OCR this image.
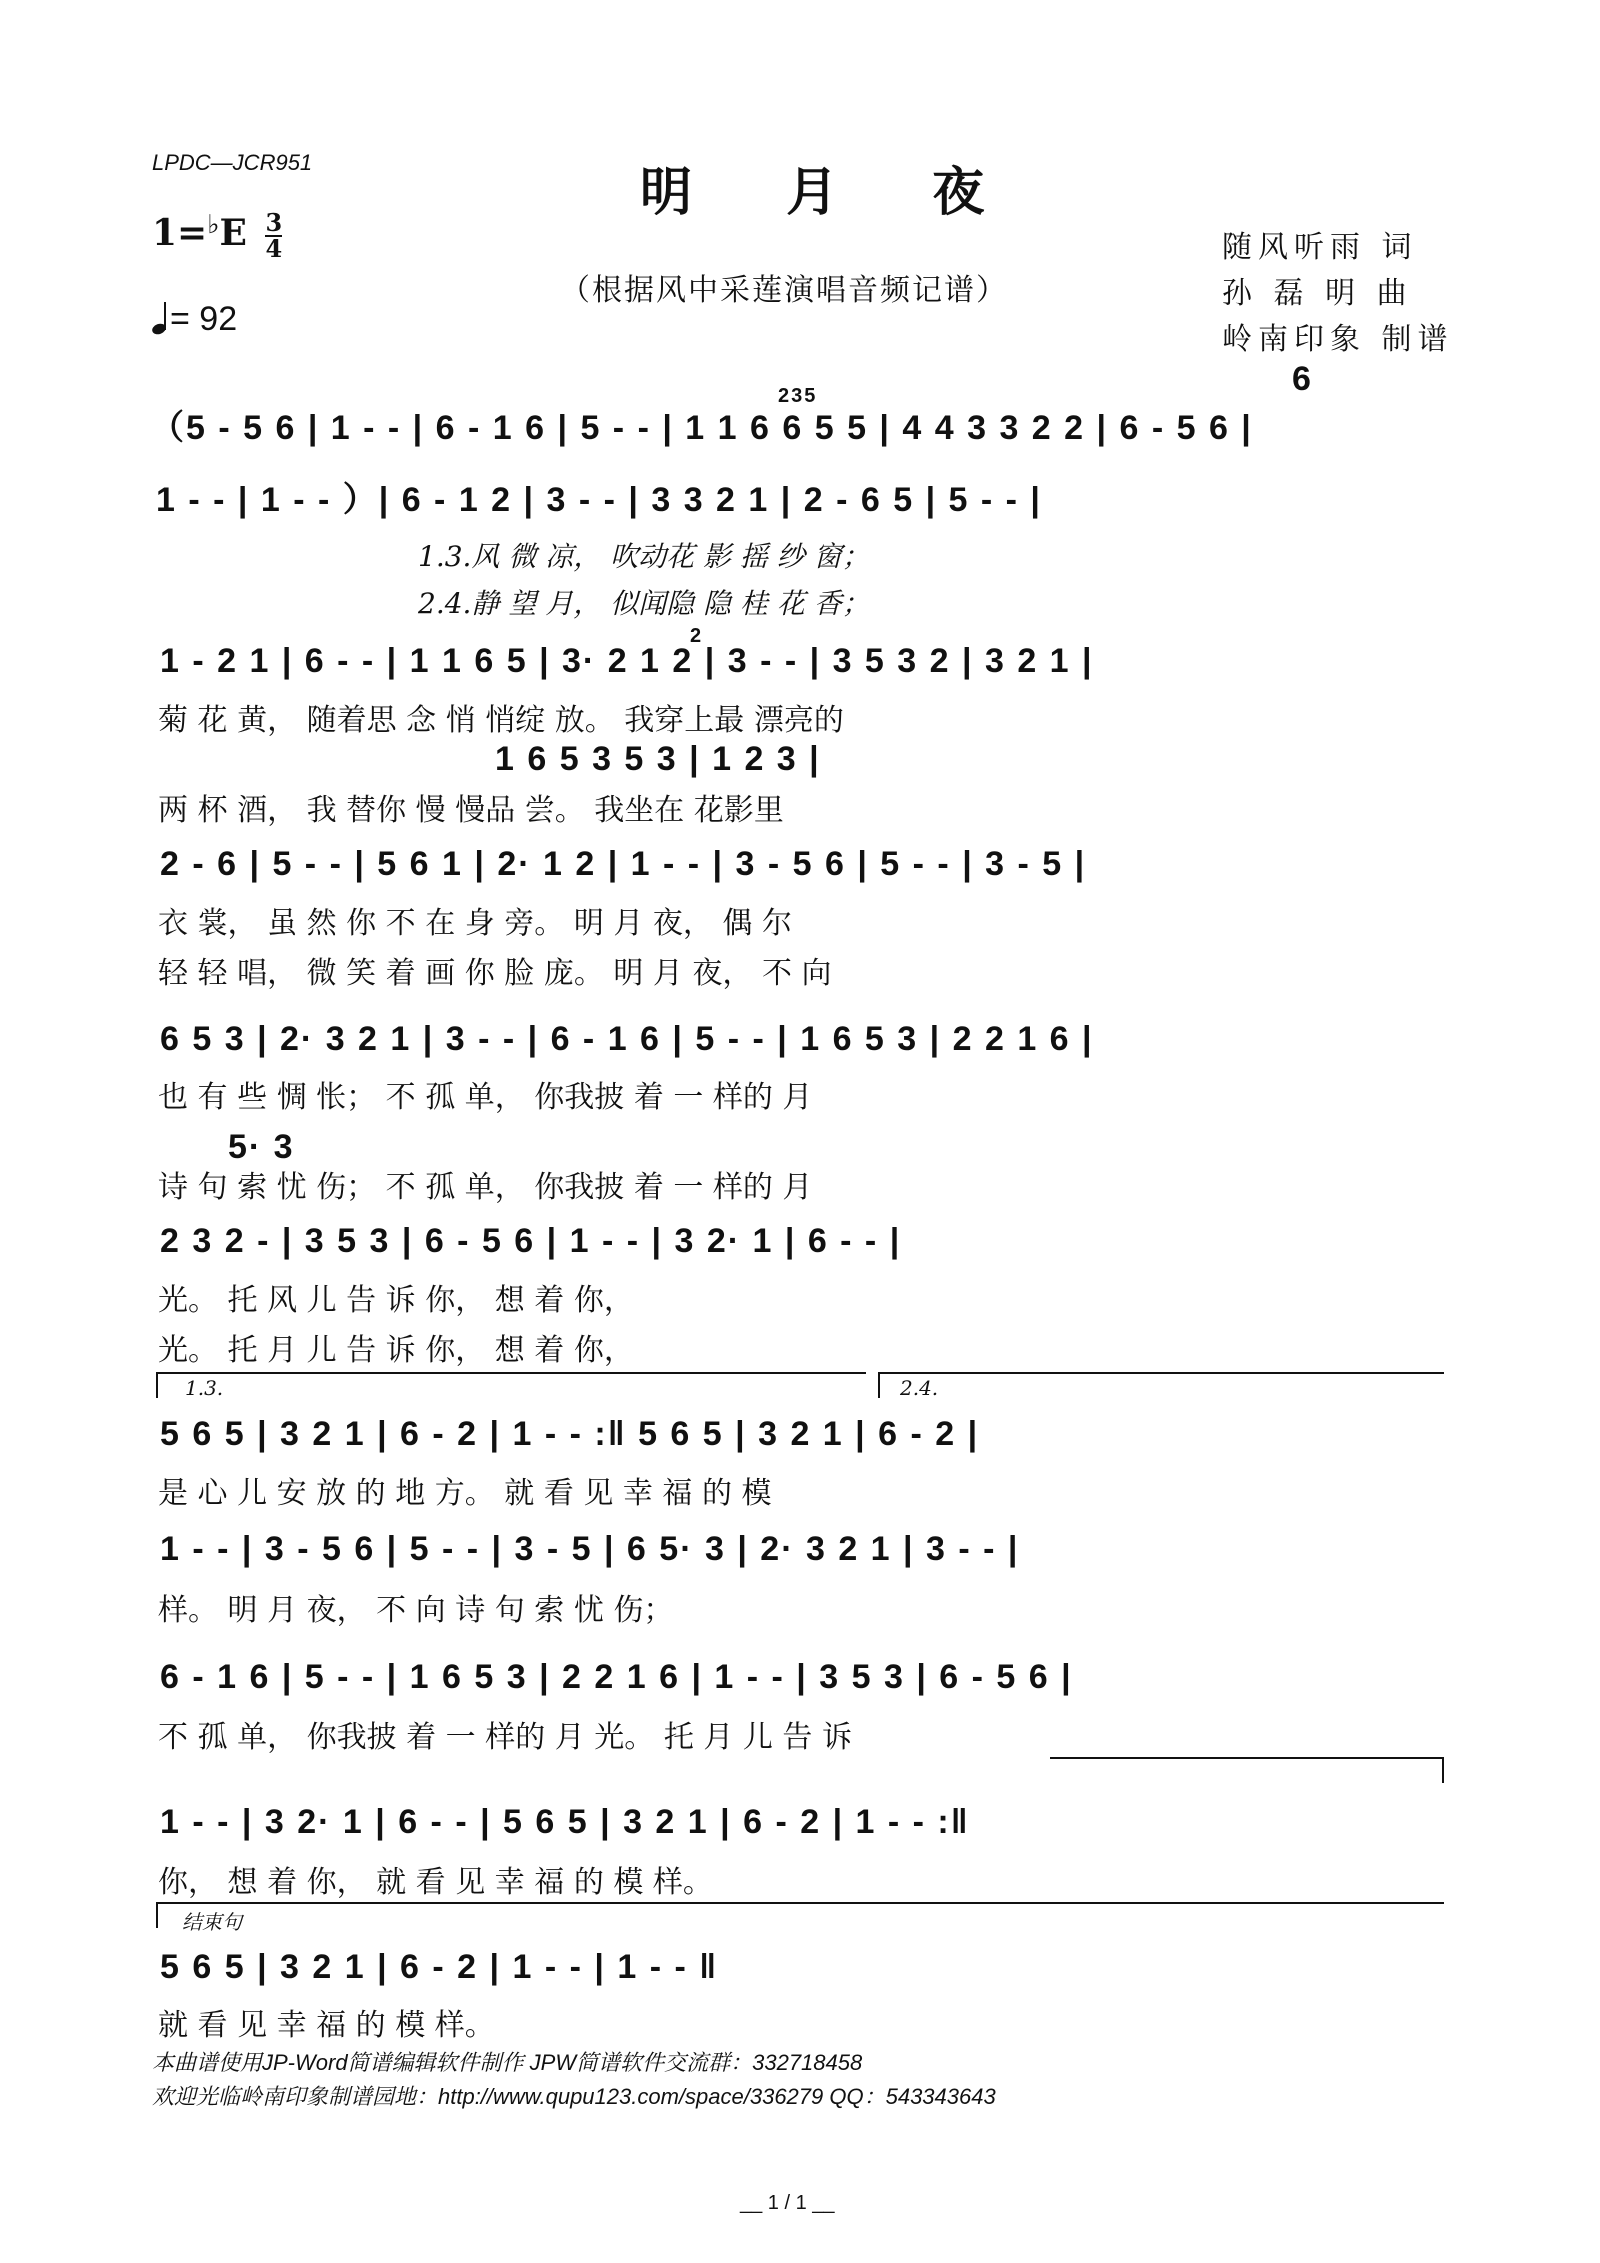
LPDC—JCR951	明 月 夜
$1=^♭E \frac{3}{4}$
= 92
（根据风中采莲演唱音频记谱）
随风听雨 词
孙 磊 明 曲
岭南印象 制谱
235	6
（5 - 5 6 | 1 - - | 6 - 1 6 | 5 - - | 1 1 6 6 5 5 | 4 4 3 3 2 2 | 6 - 5 6 |
1 - - | 1 - - ）| 6 - 1 2 | 3 - - | 3 3 2 1 | 2 - 6 5 | 5 - - |
1.3.风 微 凉， 吹动花 影 摇 纱 窗；
2.4.静 望 月， 似闻隐 隐 桂 花 香；
2
1 - 2 1 | 6 - - | 1 1 6 5 | 3· 2 1 2 | 3 - - | 3 5 3 2 | 3 2 1 |
菊 花 黄， 随着思 念 悄 悄绽 放。 我穿上最 漂亮的
1 6 5 3 5 3 | 1 2 3 |
两 杯 酒， 我 替你 慢 慢品 尝。 我坐在 花影里
2 - 6 | 5 - - | 5 6 1 | 2· 1 2 | 1 - - | 3 - 5 6 | 5 - - | 3 - 5 |
衣 裳， 虽 然 你 不 在 身 旁。 明 月 夜， 偶 尔
轻 轻 唱， 微 笑 着 画 你 脸 庞。 明 月 夜， 不 向
6 5 3 | 2· 3 2 1 | 3 - - | 6 - 1 6 | 5 - - | 1 6 5 3 | 2 2 1 6 |
也 有 些 惆 怅； 不 孤 单， 你我披 着 一 样的 月
5· 3
诗 句 索 忧 伤； 不 孤 单， 你我披 着 一 样的 月
2 3 2 - | 3 5 3 | 6 - 5 6 | 1 - - | 3 2· 1 | 6 - - |
光。 托 风 儿 告 诉 你， 想 着 你，
光。 托 月 儿 告 诉 你， 想 着 你，
1.3.	2.4.
5 6 5 | 3 2 1 | 6 - 2 | 1 - - :‖ 5 6 5 | 3 2 1 | 6 - 2 |
是 心 儿 安 放 的 地 方。 就 看 见 幸 福 的 模
1 - - | 3 - 5 6 | 5 - - | 3 - 5 | 6 5· 3 | 2· 3 2 1 | 3 - - |
样。 明 月 夜， 不 向 诗 句 索 忧 伤；
6 - 1 6 | 5 - - | 1 6 5 3 | 2 2 1 6 | 1 - - | 3 5 3 | 6 - 5 6 |
不 孤 单， 你我披 着 一 样的 月 光。 托 月 儿 告 诉
1 - - | 3 2· 1 | 6 - - | 5 6 5 | 3 2 1 | 6 - 2 | 1 - - :‖
你， 想 着 你， 就 看 见 幸 福 的 模 样。
结束句
5 6 5 | 3 2 1 | 6 - 2 | 1 - - | 1 - - ‖
就 看 见 幸 福 的 模 样。
本曲谱使用JP-Word简谱编辑软件制作 JPW简谱软件交流群：332718458
欢迎光临岭南印象制谱园地：http://www.qupu123.com/space/336279 QQ：543343643
__ 1 / 1 __
